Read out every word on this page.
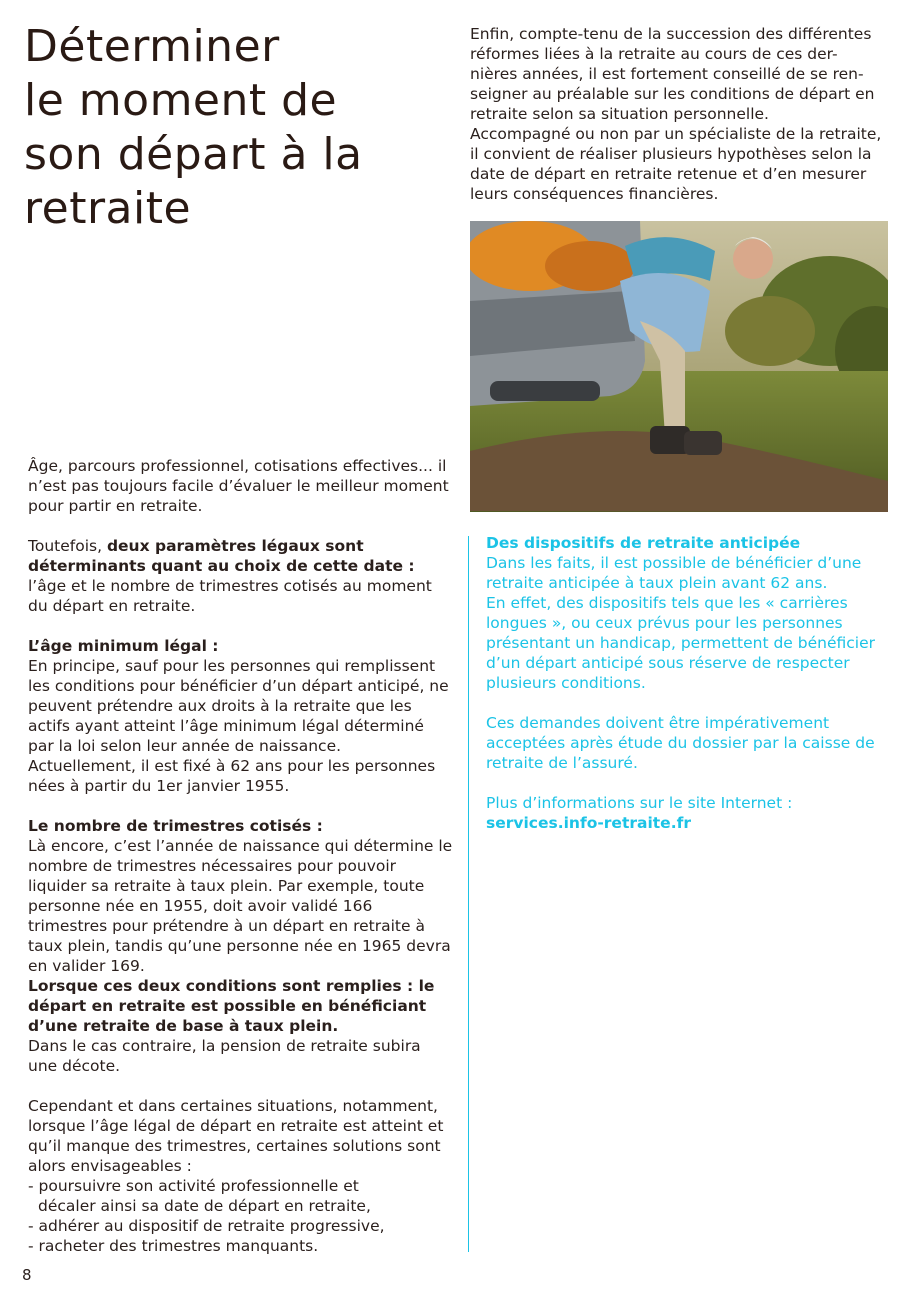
Déterminer
le moment de
son départ à la
retraite
Enfin, compte-tenu de la succession des différentes
réformes liées à la retraite au cours de ces der-
nières années, il est fortement conseillé de se ren-
seigner au préalable sur les conditions de départ en
retraite selon sa situation personnelle.
Accompagné ou non par un spécialiste de la retraite,
il convient de réaliser plusieurs hypothèses selon la
date de départ en retraite retenue et d’en mesurer
leurs conséquences financières.

Âge, parcours professionnel, cotisations effectives... il n’est pas toujours facile d’évaluer le meilleur moment pour partir en retraite.

Toutefois, deux paramètres légaux sont déterminants quant au choix de cette date : l’âge et le nombre de trimestres cotisés au moment du départ en retraite.

L’âge minimum légal :

En principe, sauf pour les personnes qui remplissent les conditions pour bénéficier d’un départ anticipé, ne peuvent prétendre aux droits à la retraite que les actifs ayant atteint l’âge minimum légal déterminé par la loi selon leur année de naissance. Actuellement, il est fixé à 62 ans pour les personnes nées à partir du 1er janvier 1955.

Le nombre de trimestres cotisés :

Là encore, c’est l’année de naissance qui détermine le nombre de trimestres nécessaires pour pouvoir liquider sa retraite à taux plein. Par exemple, toute personne née en 1955, doit avoir validé 166 trimestres pour prétendre à un départ en retraite à taux plein, tandis qu’une personne née en 1965 devra en valider 169.

Lorsque ces deux conditions sont remplies : le départ en retraite est possible en bénéficiant d’une retraite de base à taux plein.

Dans le cas contraire, la pension de retraite subira une décote.

Cependant et dans certaines situations, notamment, lorsque l’âge légal de départ en retraite est atteint et qu’il manque des trimestres, certaines solutions sont alors envisageables :

- poursuivre son activité professionnelle et

décaler ainsi sa date de départ en retraite,

- adhérer au dispositif de retraite progressive,

- racheter des trimestres manquants.

Des dispositifs de retraite anticipée

Dans les faits, il est possible de bénéficier d’une retraite anticipée à taux plein avant 62 ans.

En effet, des dispositifs tels que les « carrières longues », ou ceux prévus pour les personnes présentant un handicap, permettent de bénéficier d’un départ anticipé sous réserve de respecter plusieurs conditions.

Ces demandes doivent être impérativement acceptées après étude du dossier par la caisse de retraite de l’assuré.

Plus d’informations sur le site Internet :

services.info-retraite.fr

8
